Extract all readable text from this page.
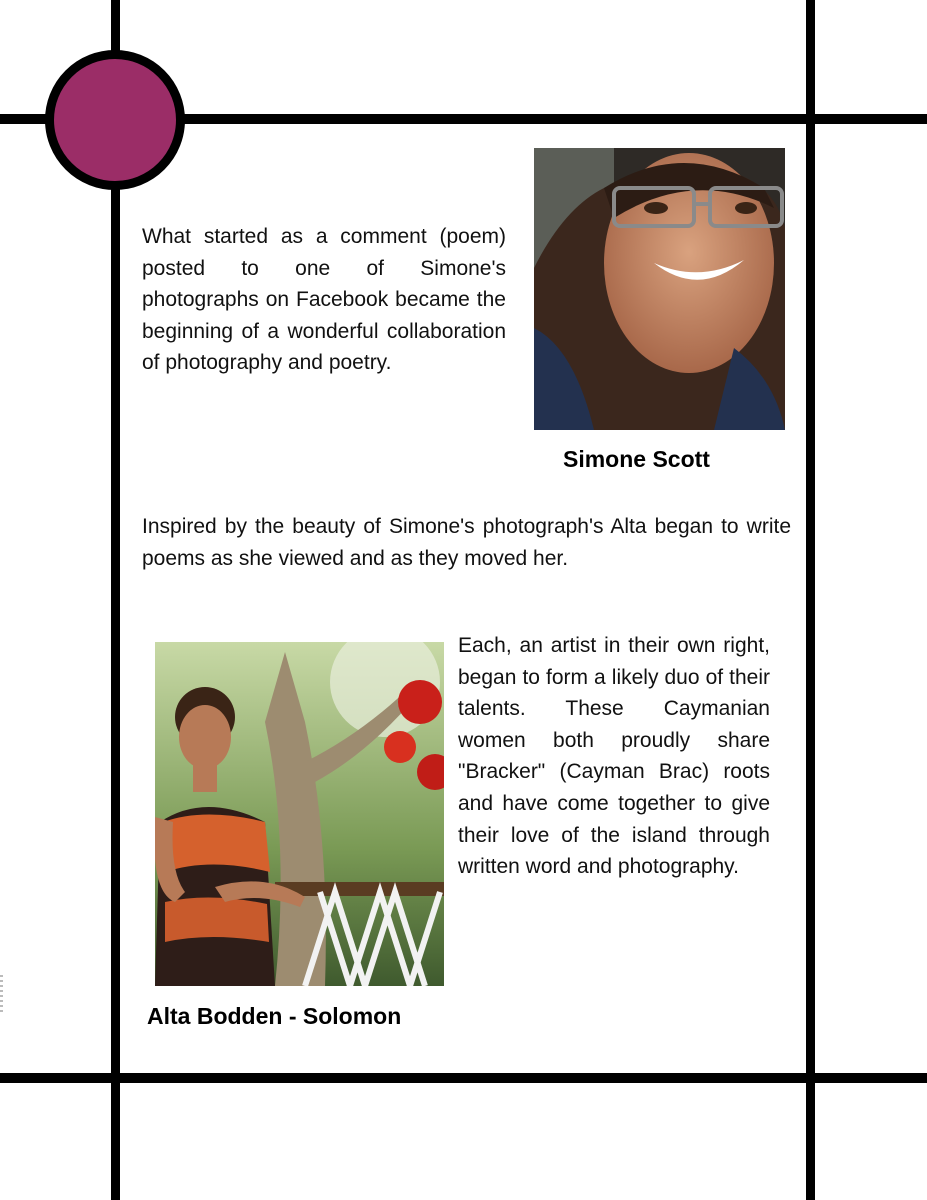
What started as a comment (poem) posted to one of Simone's photographs on Facebook became the beginning of a wonderful collaboration of photography and poetry.

Simone Scott

Inspired by the beauty of Simone's photograph's Alta began to write poems as she viewed and as they moved her.

Each, an artist in their own right, began to form a likely duo of their talents. These Caymanian women both proudly share "Bracker" (Cayman Brac) roots and have come together to give their love of the island through written word and photography.

Alta Bodden - Solomon
